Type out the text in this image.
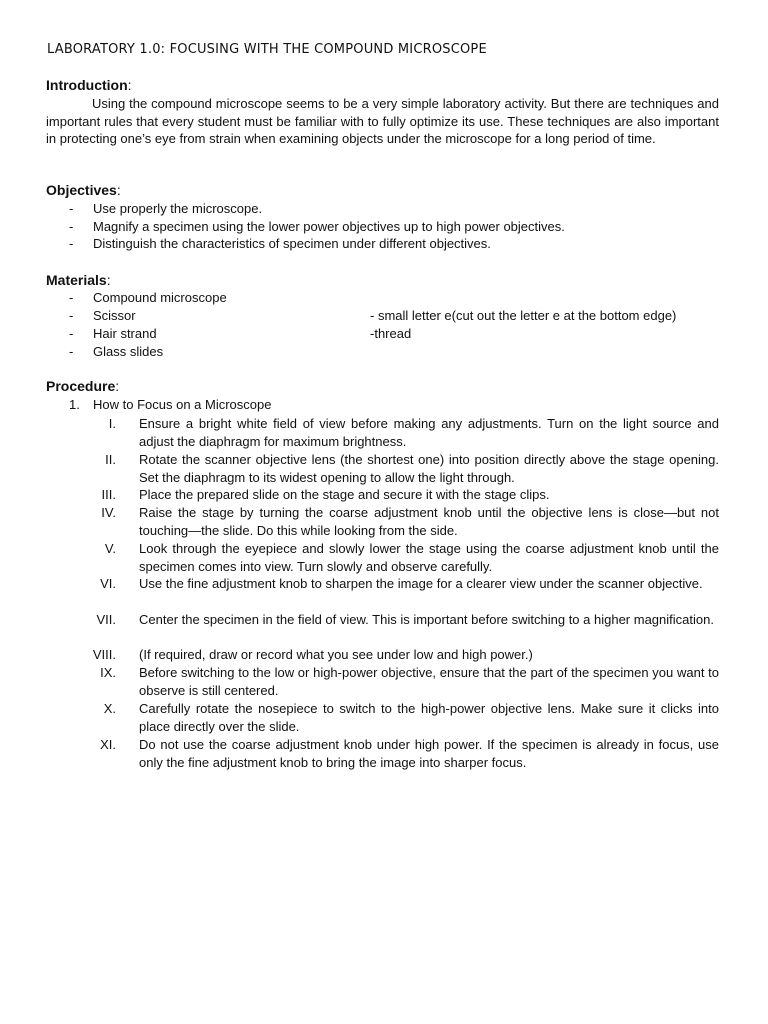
LABORATORY 1.0: FOCUSING WITH THE COMPOUND MICROSCOPE
Introduction:
Using the compound microscope seems to be a very simple laboratory activity. But there are techniques and important rules that every student must be familiar with to fully optimize its use. These techniques are also important in protecting one’s eye from strain when examining objects under the microscope for a long period of time.
Objectives:
- Use properly the microscope.
- Magnify a specimen using the lower power objectives up to high power objectives.
- Distinguish the characteristics of specimen under different objectives.
Materials:
- Compound microscope
- Scissor	- small letter e(cut out the letter e at the bottom edge)
- Hair strand	-thread
- Glass slides
Procedure:
1. How to Focus on a Microscope
I. Ensure a bright white field of view before making any adjustments. Turn on the light source and adjust the diaphragm for maximum brightness.
II. Rotate the scanner objective lens (the shortest one) into position directly above the stage opening. Set the diaphragm to its widest opening to allow the light through.
III. Place the prepared slide on the stage and secure it with the stage clips.
IV. Raise the stage by turning the coarse adjustment knob until the objective lens is close—but not touching—the slide. Do this while looking from the side.
V. Look through the eyepiece and slowly lower the stage using the coarse adjustment knob until the specimen comes into view. Turn slowly and observe carefully.
VI. Use the fine adjustment knob to sharpen the image for a clearer view under the scanner objective.
VII. Center the specimen in the field of view. This is important before switching to a higher magnification.
VIII. (If required, draw or record what you see under low and high power.)
IX. Before switching to the low or high-power objective, ensure that the part of the specimen you want to observe is still centered.
X. Carefully rotate the nosepiece to switch to the high-power objective lens. Make sure it clicks into place directly over the slide.
XI. Do not use the coarse adjustment knob under high power. If the specimen is already in focus, use only the fine adjustment knob to bring the image into sharper focus.
